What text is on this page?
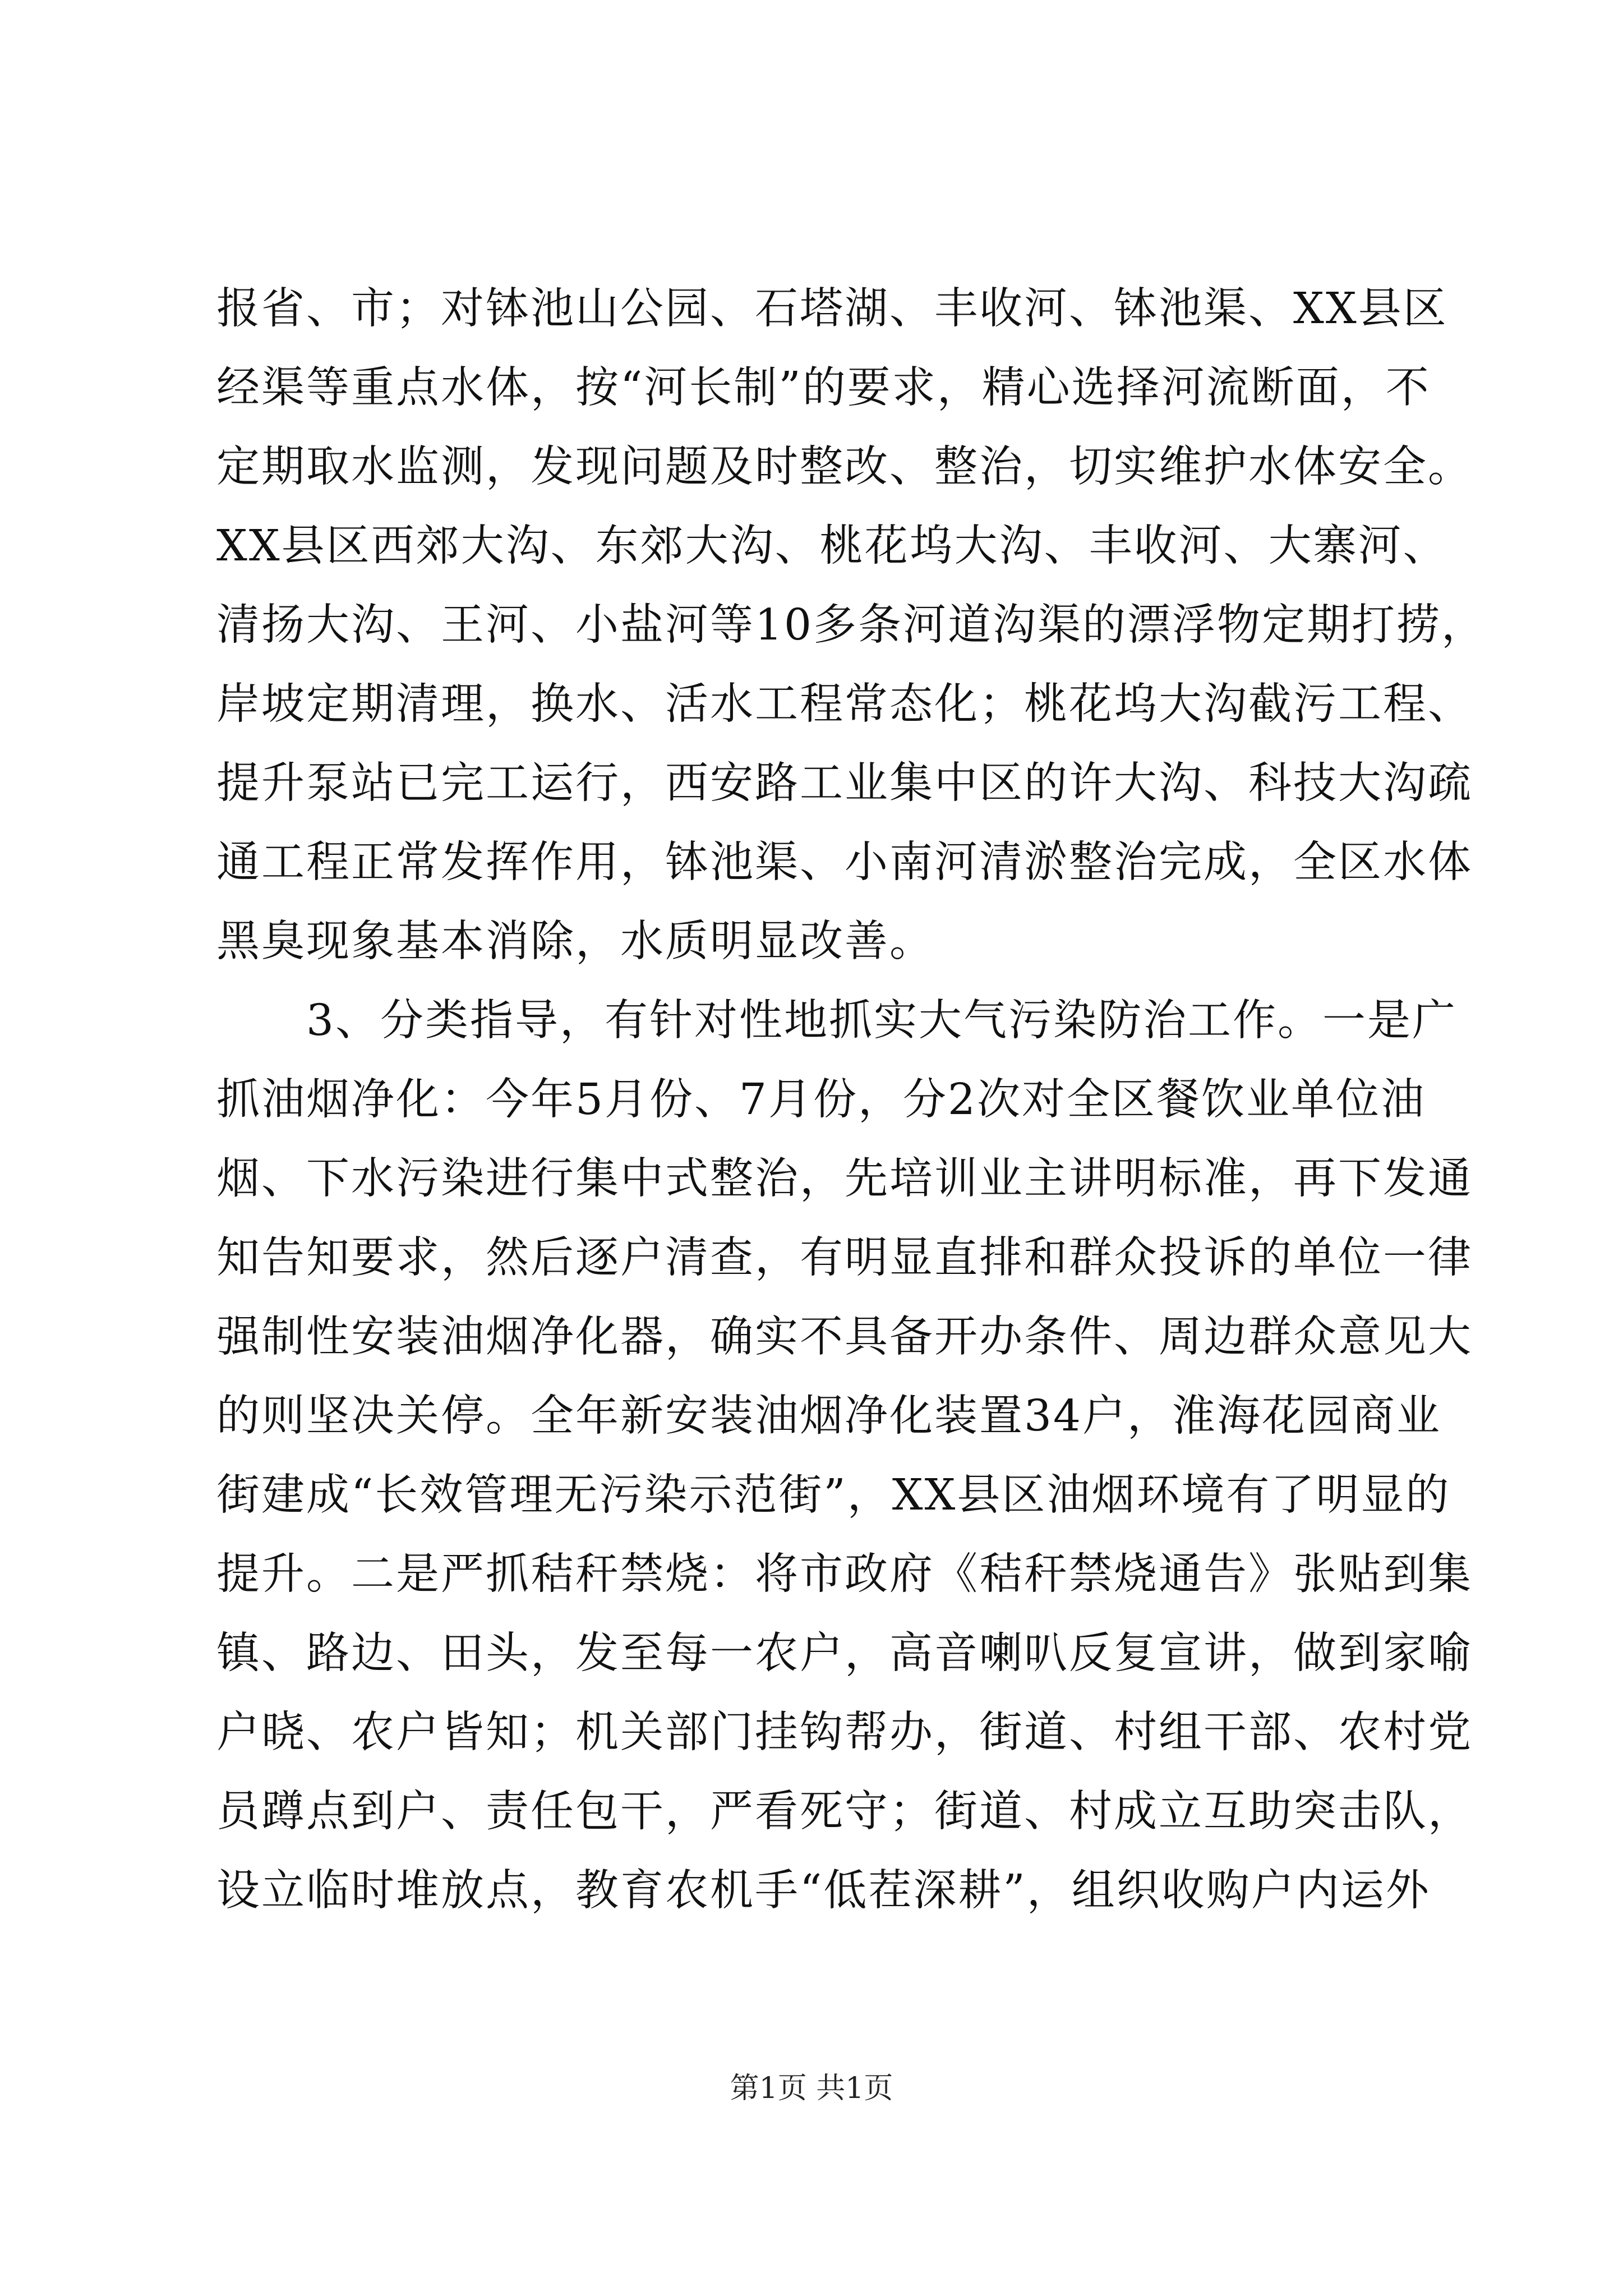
报省、市；对钵池山公园、石塔湖、丰收河、钵池渠、XX县区
经渠等重点水体，按“河长制”的要求，精心选择河流断面，不
定期取水监测，发现问题及时整改、整治，切实维护水体安全。
XX县区西郊大沟、东郊大沟、桃花坞大沟、丰收河、大寨河、
清扬大沟、王河、小盐河等10多条河道沟渠的漂浮物定期打捞，
岸坡定期清理，换水、活水工程常态化；桃花坞大沟截污工程、
提升泵站已完工运行，西安路工业集中区的许大沟、科技大沟疏
通工程正常发挥作用，钵池渠、小南河清淤整治完成，全区水体
黑臭现象基本消除，水质明显改善。
3、分类指导，有针对性地抓实大气污染防治工作。一是广
抓油烟净化：今年5月份、7月份，分2次对全区餐饮业单位油
烟、下水污染进行集中式整治，先培训业主讲明标准，再下发通
知告知要求，然后逐户清查，有明显直排和群众投诉的单位一律
强制性安装油烟净化器，确实不具备开办条件、周边群众意见大
的则坚决关停。全年新安装油烟净化装置34户，淮海花园商业
街建成“长效管理无污染示范街”，XX县区油烟环境有了明显的
提升。二是严抓秸秆禁烧：将市政府《秸秆禁烧通告》张贴到集
镇、路边、田头，发至每一农户，高音喇叭反复宣讲，做到家喻
户晓、农户皆知；机关部门挂钩帮办，街道、村组干部、农村党
员蹲点到户、责任包干，严看死守；街道、村成立互助突击队，
设立临时堆放点，教育农机手“低茬深耕”，组织收购户内运外
第1页 共1页
